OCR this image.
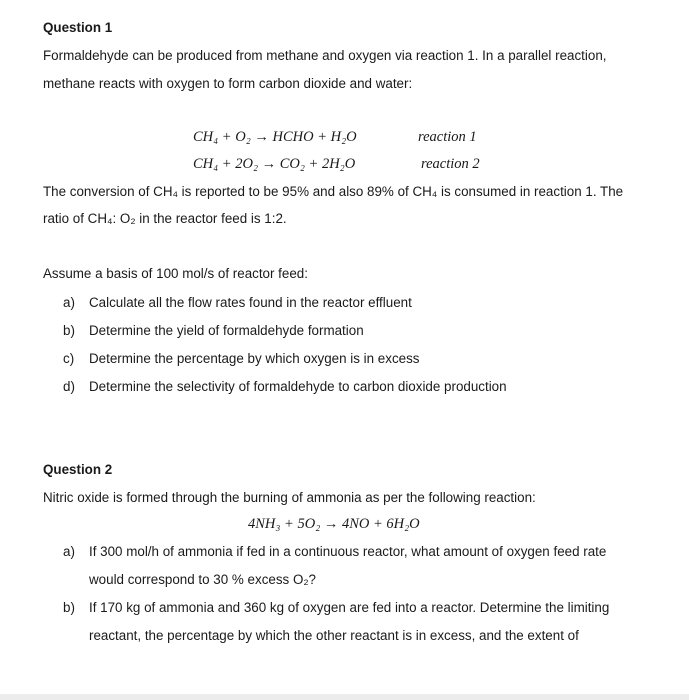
Question 1
Formaldehyde can be produced from methane and oxygen via reaction 1. In a parallel reaction,
methane reacts with oxygen to form carbon dioxide and water:
CH₄ + O₂ → HCHO + H₂O	reaction 1
CH₄ + 2O₂ → CO₂ + 2H₂O	reaction 2
The conversion of CH₄ is reported to be 95% and also 89% of CH₄ is consumed in reaction 1. The
ratio of CH₄: O₂ in the reactor feed is 1:2.
Assume a basis of 100 mol/s of reactor feed:
a) Calculate all the flow rates found in the reactor effluent
b) Determine the yield of formaldehyde formation
c) Determine the percentage by which oxygen is in excess
d) Determine the selectivity of formaldehyde to carbon dioxide production
Question 2
Nitric oxide is formed through the burning of ammonia as per the following reaction:
4NH₃ + 5O₂ → 4NO + 6H₂O
a) If 300 mol/h of ammonia if fed in a continuous reactor, what amount of oxygen feed rate
would correspond to 30 % excess O₂?
b) If 170 kg of ammonia and 360 kg of oxygen are fed into a reactor. Determine the limiting
reactant, the percentage by which the other reactant is in excess, and the extent of
